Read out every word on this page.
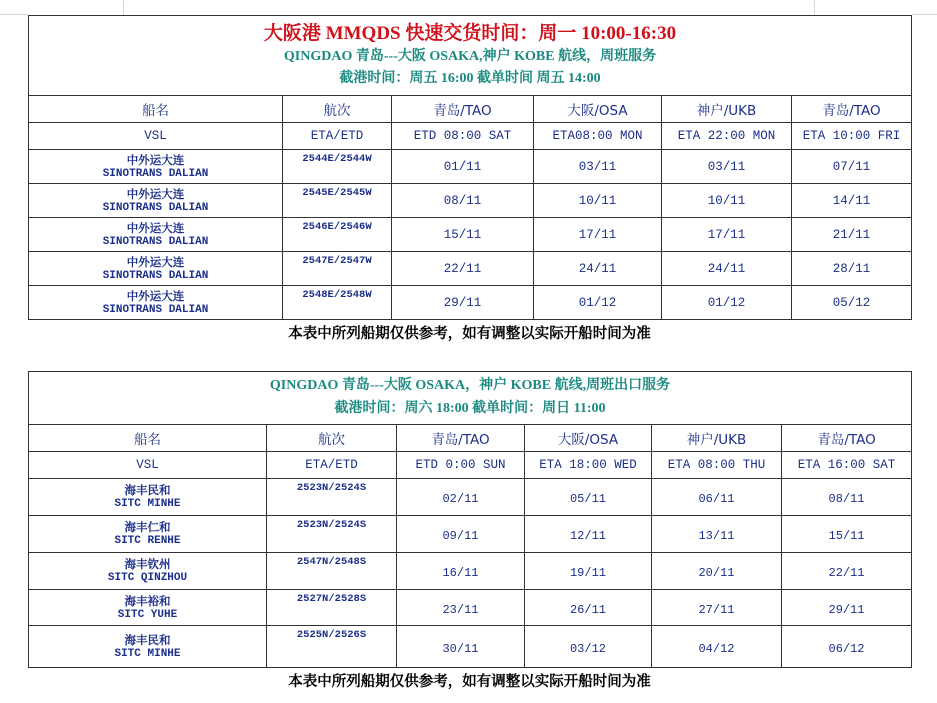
大阪港 MMQDS 快速交货时间：周一 10:00-16:30
QINGDAO 青岛---大阪 OSAKA,神户 KOBE 航线，周班服务
截港时间：周五 16:00 截单时间 周五 14:00					

船名	航次	青岛/TAO	大阪/OSA	神户/UKB	青岛/TAO
VSL	ETA/ETD	ETD 08:00 SAT	ETA08:00 MON	ETA 22:00 MON	ETA 10:00 FRI

中外运大连
SINOTRANS DALIAN	2544E/2544W	01/11	03/11	03/11	07/11

中外运大连
SINOTRANS DALIAN	2545E/2545W	08/11	10/11	10/11	14/11

中外运大连
SINOTRANS DALIAN	2546E/2546W	15/11	17/11	17/11	21/11

中外运大连
SINOTRANS DALIAN	2547E/2547W	22/11	24/11	24/11	28/11

中外运大连
SINOTRANS DALIAN	2548E/2548W	29/11	01/12	01/12	05/12
本表中所列船期仅供参考，如有调整以实际开船时间为准
QINGDAO 青岛---大阪 OSAKA，神户 KOBE 航线,周班出口服务
截港时间：周六 18:00 截单时间：周日 11:00					

船名	航次	青岛/TAO	大阪/OSA	神户/UKB	青岛/TAO
VSL	ETA/ETD	ETD 0:00 SUN	ETA 18:00 WED	ETA 08:00 THU	ETA 16:00 SAT

海丰民和
SITC MINHE	2523N/2524S	02/11	05/11	06/11	08/11

海丰仁和
SITC RENHE	2523N/2524S	09/11	12/11	13/11	15/11

海丰钦州
SITC QINZHOU	2547N/2548S	16/11	19/11	20/11	22/11

海丰裕和
SITC YUHE	2527N/2528S	23/11	26/11	27/11	29/11

海丰民和
SITC MINHE	2525N/2526S	30/11	03/12	04/12	06/12
本表中所列船期仅供参考，如有调整以实际开船时间为准
